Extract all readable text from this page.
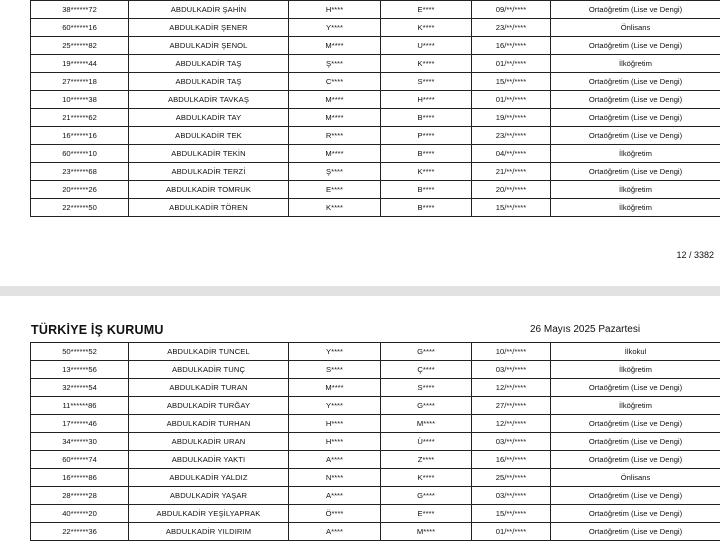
38******72	ABDULKADİR ŞAHİN	H****	E****	09/**/****	Ortaöğretim (Lise ve Dengi)
60******16	ABDULKADİR ŞENER	Y****	K****	23/**/****	Önlisans
25******82	ABDULKADİR ŞENOL	M****	U****	16/**/****	Ortaöğretim (Lise ve Dengi)
19******44	ABDULKADİR TAŞ	Ş****	K****	01/**/****	İlköğretim
27******18	ABDULKADİR TAŞ	C****	S****	15/**/****	Ortaöğretim (Lise ve Dengi)
10******38	ABDULKADİR TAVKAŞ	M****	H****	01/**/****	Ortaöğretim (Lise ve Dengi)
21******62	ABDULKADİR TAY	M****	B****	19/**/****	Ortaöğretim (Lise ve Dengi)
16******16	ABDULKADİR TEK	R****	P****	23/**/****	Ortaöğretim (Lise ve Dengi)
60******10	ABDULKADİR TEKİN	M****	B****	04/**/****	İlköğretim
23******68	ABDULKADİR TERZİ	Ş****	K****	21/**/****	Ortaöğretim (Lise ve Dengi)
20******26	ABDULKADİR TOMRUK	E****	B****	20/**/****	İlköğretim
22******50	ABDULKADİR TÖREN	K****	B****	15/**/****	İlköğretim
12 / 3382
TÜRKİYE İŞ KURUMU	26 Mayıs 2025 Pazartesi
50******52	ABDULKADİR TUNCEL	Y****	G****	10/**/****	İlkokul
13******56	ABDULKADİR TUNÇ	S****	Ç****	03/**/****	İlköğretim
32******54	ABDULKADİR TURAN	M****	S****	12/**/****	Ortaöğretim (Lise ve Dengi)
11******86	ABDULKADİR TURĞAY	Y****	G****	27/**/****	İlköğretim
17******46	ABDULKADİR TURHAN	H****	M****	12/**/****	Ortaöğretim (Lise ve Dengi)
34******30	ABDULKADİR URAN	H****	Ü****	03/**/****	Ortaöğretim (Lise ve Dengi)
60******74	ABDULKADİR YAKTI	A****	Z****	16/**/****	Ortaöğretim (Lise ve Dengi)
16******86	ABDULKADİR YALDIZ	N****	K****	25/**/****	Önlisans
28******28	ABDULKADİR YAŞAR	A****	G****	03/**/****	Ortaöğretim (Lise ve Dengi)
40******20	ABDULKADİR YEŞİLYAPRAK	Ö****	E****	15/**/****	Ortaöğretim (Lise ve Dengi)
22******36	ABDULKADİR YILDIRIM	A****	M****	01/**/****	Ortaöğretim (Lise ve Dengi)
